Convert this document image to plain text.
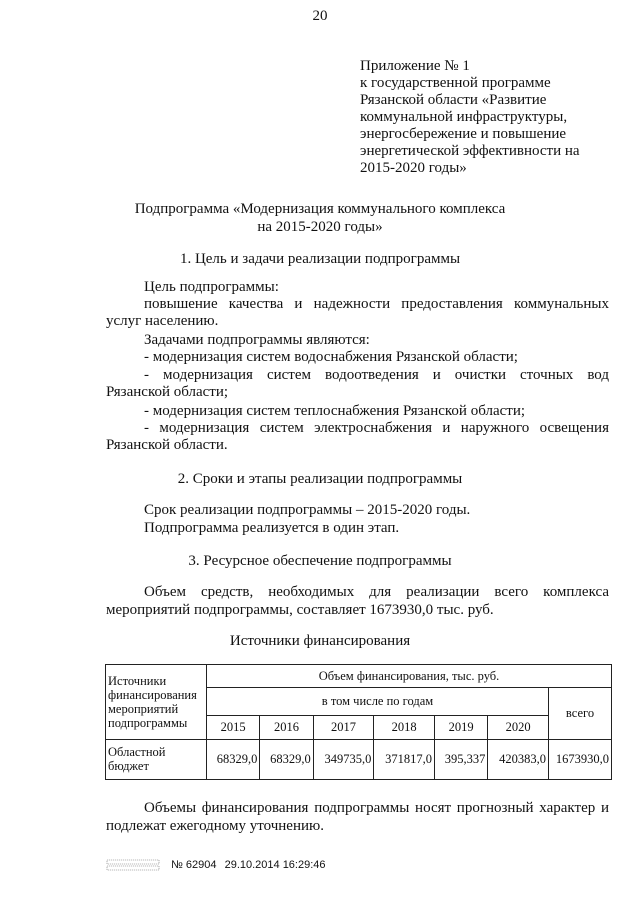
20
Приложение № 1
к государственной программе
Рязанской области «Развитие
коммунальной инфраструктуры,
энергосбережение и повышение
энергетической эффективности на
2015-2020 годы»
Подпрограмма «Модернизация коммунального комплекса
на 2015-2020 годы»
1. Цель и задачи реализации подпрограммы
Цель подпрограммы:
повышение качества и надежности предоставления коммунальных
услуг населению.
Задачами подпрограммы являются:
- модернизация систем водоснабжения Рязанской области;
- модернизация систем водоотведения и очистки сточных вод
Рязанской области;
- модернизация систем теплоснабжения Рязанской области;
- модернизация систем электроснабжения и наружного освещения
Рязанской области.
2. Сроки и этапы реализации подпрограммы
Срок реализации подпрограммы – 2015-2020 годы.
Подпрограмма реализуется в один этап.
3. Ресурсное обеспечение подпрограммы
Объем средств, необходимых для реализации всего комплекса
мероприятий подпрограммы, составляет 1673930,0 тыс. руб.
Источники финансирования
Источники финансирования мероприятий подпрограммы	Объем финансирования, тыс. руб.						
	в том числе по годам						всего
	2015	2016	2017	2018	2019	2020	
Областной бюджет	68329,0	68329,0	349735,0	371817,0	395,337	420383,0	1673930,0
Объемы финансирования подпрограммы носят прогнозный характер и
подлежат ежегодному уточнению.
№ 62904 29.10.2014 16:29:46
